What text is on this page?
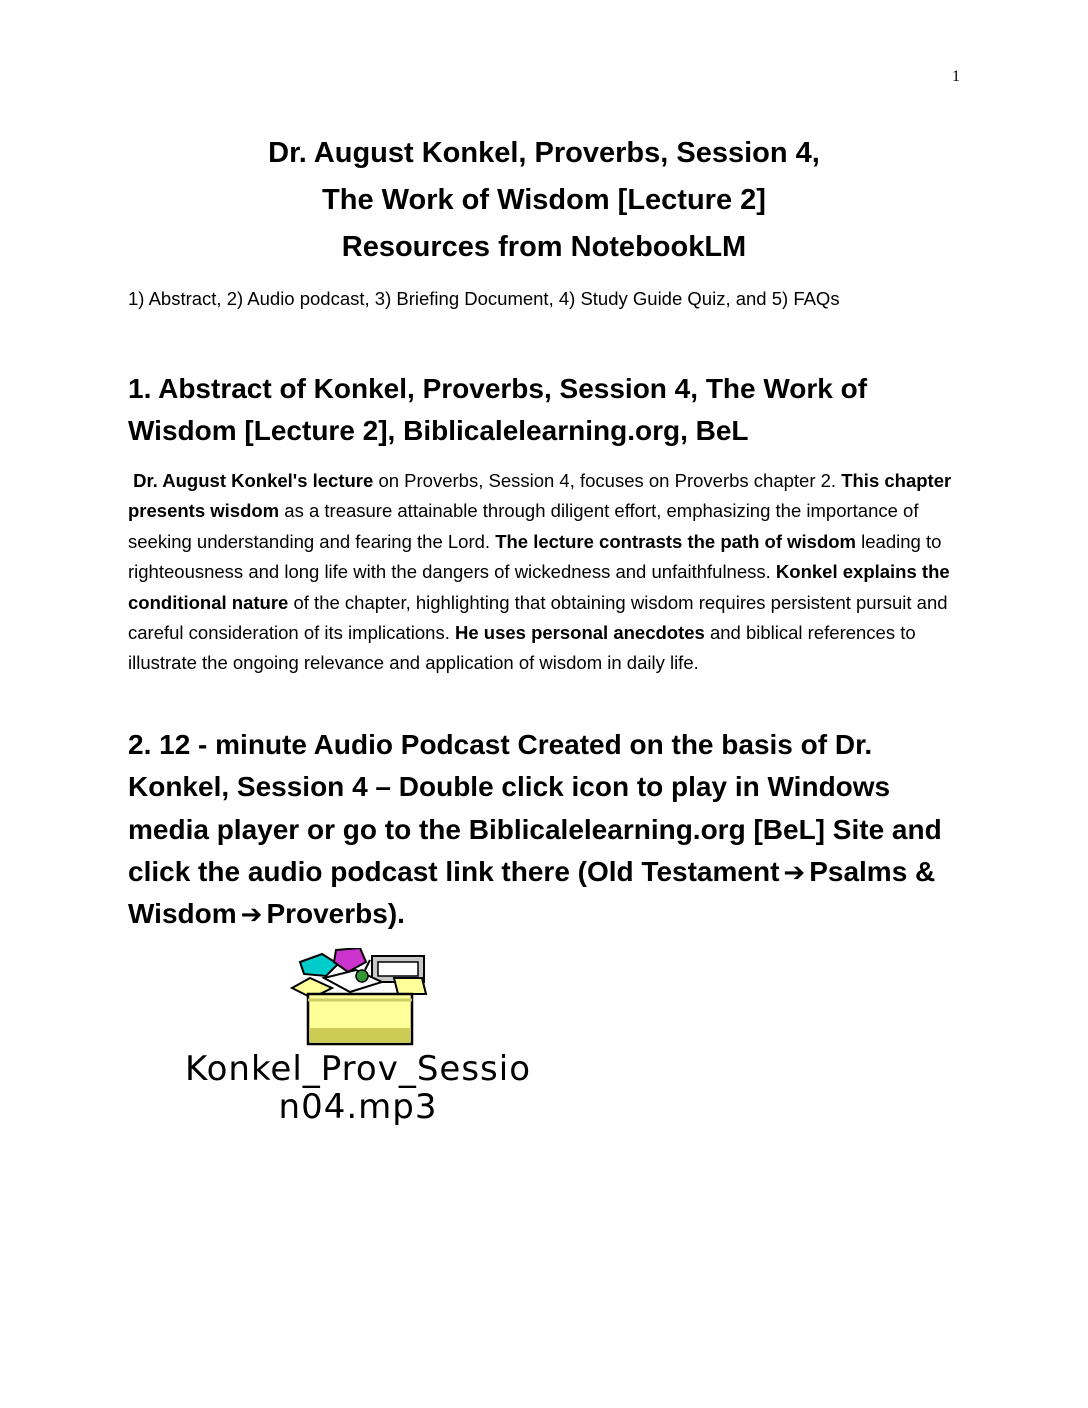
1
Dr. August Konkel, Proverbs, Session 4,
The Work of Wisdom [Lecture 2]
Resources from NotebookLM
1) Abstract, 2) Audio podcast, 3) Briefing Document, 4) Study Guide Quiz, and 5) FAQs
1. Abstract of Konkel, Proverbs, Session 4, The Work of Wisdom [Lecture 2], Biblicalelearning.org, BeL
Dr. August Konkel's lecture on Proverbs, Session 4, focuses on Proverbs chapter 2. This chapter presents wisdom as a treasure attainable through diligent effort, emphasizing the importance of seeking understanding and fearing the Lord. The lecture contrasts the path of wisdom leading to righteousness and long life with the dangers of wickedness and unfaithfulness. Konkel explains the conditional nature of the chapter, highlighting that obtaining wisdom requires persistent pursuit and careful consideration of its implications. He uses personal anecdotes and biblical references to illustrate the ongoing relevance and application of wisdom in daily life.
2. 12 - minute Audio Podcast Created on the basis of Dr. Konkel, Session 4 – Double click icon to play in Windows media player or go to the Biblicalelearning.org [BeL] Site and click the audio podcast link there (Old Testament ➔ Psalms & Wisdom ➔ Proverbs).
Konkel_Prov_Sessio
n04.mp3
